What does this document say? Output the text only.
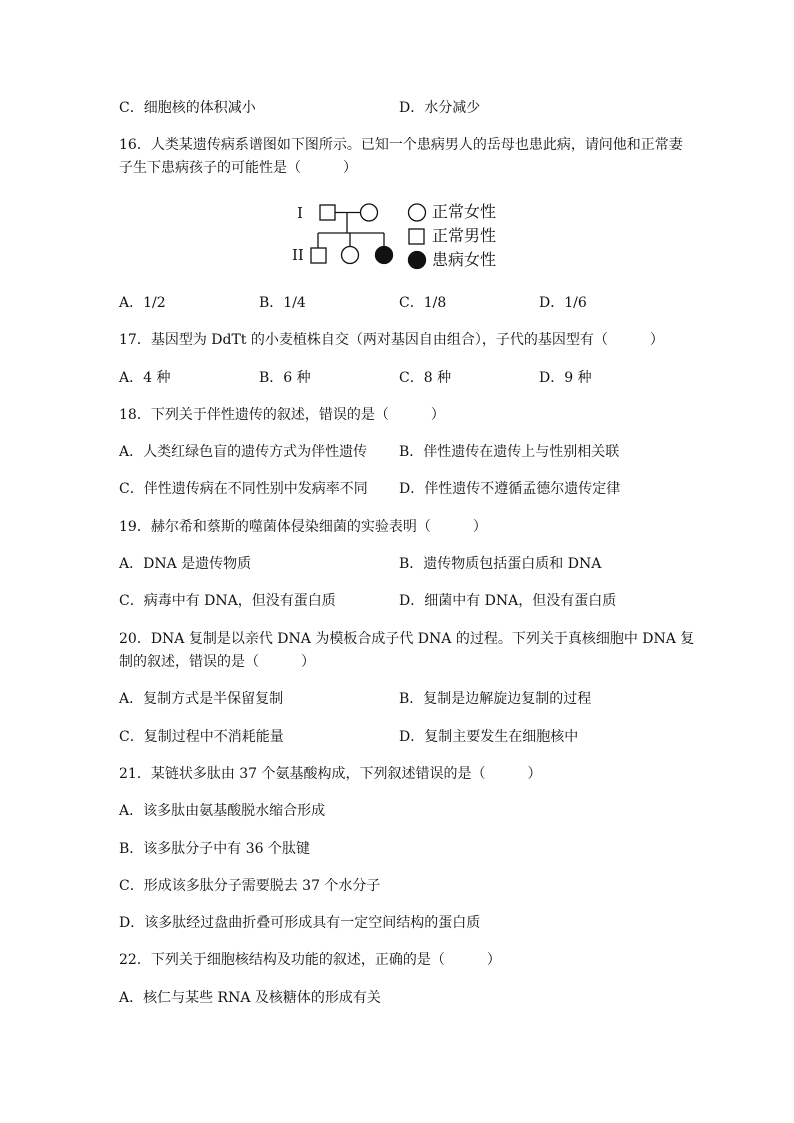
C．细胞核的体积减小	D．水分减少
16．人类某遗传病系谱图如下图所示。已知一个患病男人的岳母也患此病，请问他和正常妻
子生下患病孩子的可能性是（　　　）
I
II
正常女性
正常男性
患病女性
A．1/2	B．1/4	C．1/8	D．1/6
17．基因型为 DdTt 的小麦植株自交（两对基因自由组合），子代的基因型有（　　　）
A．4 种	B．6 种	C．8 种	D．9 种
18．下列关于伴性遗传的叙述，错误的是（　　　）
A．人类红绿色盲的遗传方式为伴性遗传 B．伴性遗传在遗传上与性别相关联
C．伴性遗传病在不同性别中发病率不同 D．伴性遗传不遵循孟德尔遗传定律
19．赫尔希和蔡斯的噬菌体侵染细菌的实验表明（　　　）
A．DNA 是遗传物质	B．遗传物质包括蛋白质和 DNA
C．病毒中有 DNA，但没有蛋白质	D．细菌中有 DNA，但没有蛋白质
20．DNA 复制是以亲代 DNA 为模板合成子代 DNA 的过程。下列关于真核细胞中 DNA 复
制的叙述，错误的是（　　　）
A．复制方式是半保留复制	B．复制是边解旋边复制的过程
C．复制过程中不消耗能量	D．复制主要发生在细胞核中
21．某链状多肽由 37 个氨基酸构成，下列叙述错误的是（　　　）
A．该多肽由氨基酸脱水缩合形成
B．该多肽分子中有 36 个肽键
C．形成该多肽分子需要脱去 37 个水分子
D．该多肽经过盘曲折叠可形成具有一定空间结构的蛋白质
22．下列关于细胞核结构及功能的叙述，正确的是（　　　）
A．核仁与某些 RNA 及核糖体的形成有关
